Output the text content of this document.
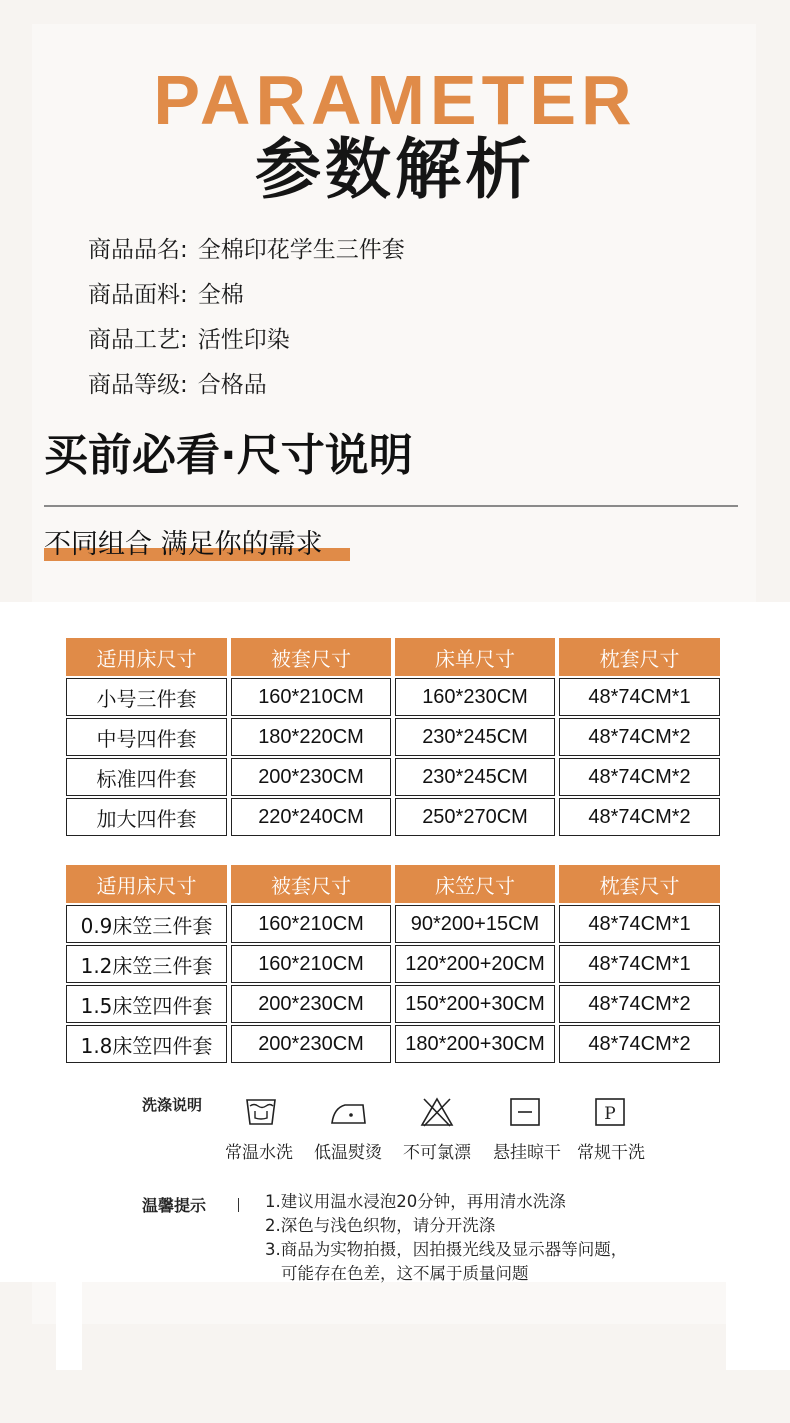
PARAMETER
参数解析
商品品名: 全棉印花学生三件套
商品面料: 全棉
商品工艺: 活性印染
商品等级: 合格品
买前必看·尺寸说明
不同组合 满足你的需求
适用床尺寸	被套尺寸	床单尺寸	枕套尺寸
小号三件套	160*210CM	160*230CM	48*74CM*1
中号四件套	180*220CM	230*245CM	48*74CM*2
标准四件套	200*230CM	230*245CM	48*74CM*2
加大四件套	220*240CM	250*270CM	48*74CM*2
适用床尺寸	被套尺寸	床笠尺寸	枕套尺寸
0.9床笠三件套	160*210CM	90*200+15CM	48*74CM*1
1.2床笠三件套	160*210CM	120*200+20CM	48*74CM*1
1.5床笠四件套	200*230CM	150*200+30CM	48*74CM*2
1.8床笠四件套	200*230CM	180*200+30CM	48*74CM*2
洗涤说明	P
常温水洗	低温熨烫	不可氯漂	悬挂晾干 常规干洗
温馨提示	1.建议用温水浸泡20分钟，再用清水洗涤
2.深色与浅色织物，请分开洗涤
3.商品为实物拍摄，因拍摄光线及显示器等问题，
可能存在色差，这不属于质量问题
